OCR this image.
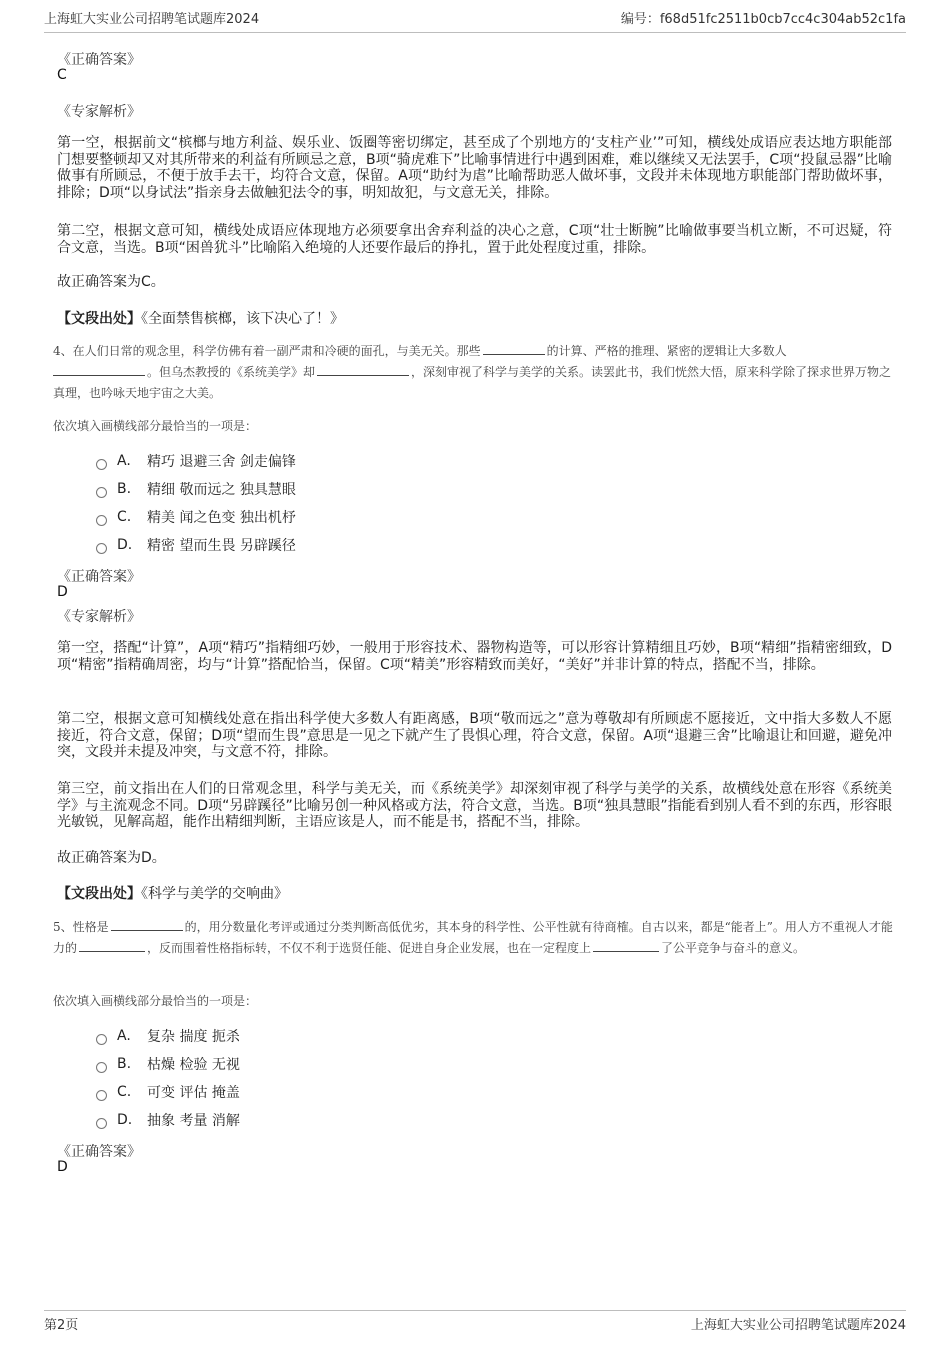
上海虹大实业公司招聘笔试题库2024	编号：f68d51fc2511b0cb7cc4c304ab52c1fa
《正确答案》
C
《专家解析》

第一空，根据前文“槟榔与地方利益、娱乐业、饭圈等密切绑定，甚至成了个别地方的‘支柱产业’”可知，横线处成语应表达地方职能部门想要整顿却又对其所带来的利益有所顾忌之意，B项“骑虎难下”比喻事情进行中遇到困难，难以继续又无法罢手，C项“投鼠忌器”比喻做事有所顾忌，不便于放手去干，均符合文意，保留。A项“助纣为虐”比喻帮助恶人做坏事，文段并未体现地方职能部门帮助做坏事，排除；D项“以身试法”指亲身去做触犯法令的事，明知故犯，与文意无关，排除。

第二空，根据文意可知，横线处成语应体现地方必须要拿出舍弃利益的决心之意，C项“壮士断腕”比喻做事要当机立断，不可迟疑，符合文意，当选。B项“困兽犹斗”比喻陷入绝境的人还要作最后的挣扎，置于此处程度过重，排除。

故正确答案为C。

【文段出处】《全面禁售槟榔，该下决心了！》

4、在人们日常的观念里，科学仿佛有着一副严肃和冷硬的面孔，与美无关。那些	的计算、严格的推理、紧密的逻辑让大多数人
。但乌杰教授的《系统美学》却	，深刻审视了科学与美学的关系。读罢此书，我们恍然大悟，原来科学除了探求世界万物之真理，也吟咏天地宇宙之大美。

依次填入画横线部分最恰当的一项是：
A.	精巧 退避三舍 剑走偏锋
B.	精细 敬而远之 独具慧眼
C.	精美 闻之色变 独出机杼
D.	精密 望而生畏 另辟蹊径
《正确答案》
D
《专家解析》

第一空，搭配“计算”，A项“精巧”指精细巧妙，一般用于形容技术、器物构造等，可以形容计算精细且巧妙，B项“精细”指精密细致，D项“精密”指精确周密，均与“计算”搭配恰当，保留。C项“精美”形容精致而美好，“美好”并非计算的特点，搭配不当，排除。

第二空，根据文意可知横线处意在指出科学使大多数人有距离感，B项“敬而远之”意为尊敬却有所顾虑不愿接近，文中指大多数人不愿接近，符合文意，保留；D项“望而生畏”意思是一见之下就产生了畏惧心理，符合文意，保留。A项“退避三舍”比喻退让和回避，避免冲突，文段并未提及冲突，与文意不符，排除。

第三空，前文指出在人们的日常观念里，科学与美无关，而《系统美学》却深刻审视了科学与美学的关系，故横线处意在形容《系统美学》与主流观念不同。D项“另辟蹊径”比喻另创一种风格或方法，符合文意，当选。B项“独具慧眼”指能看到别人看不到的东西，形容眼光敏锐，见解高超，能作出精细判断，主语应该是人，而不能是书，搭配不当，排除。

故正确答案为D。

【文段出处】《科学与美学的交响曲》

5、性格是	的，用分数量化考评或通过分类判断高低优劣，其本身的科学性、公平性就有待商榷。自古以来，都是“能者上”。用人方不重视人才能力的	，反而围着性格指标转，不仅不利于选贤任能、促进自身企业发展，也在一定程度上	了公平竞争与奋斗的意义。

依次填入画横线部分最恰当的一项是：
A.	复杂 揣度 扼杀
B.	枯燥 检验 无视
C.	可变 评估 掩盖
D.	抽象 考量 消解
《正确答案》
D
第2页	上海虹大实业公司招聘笔试题库2024
